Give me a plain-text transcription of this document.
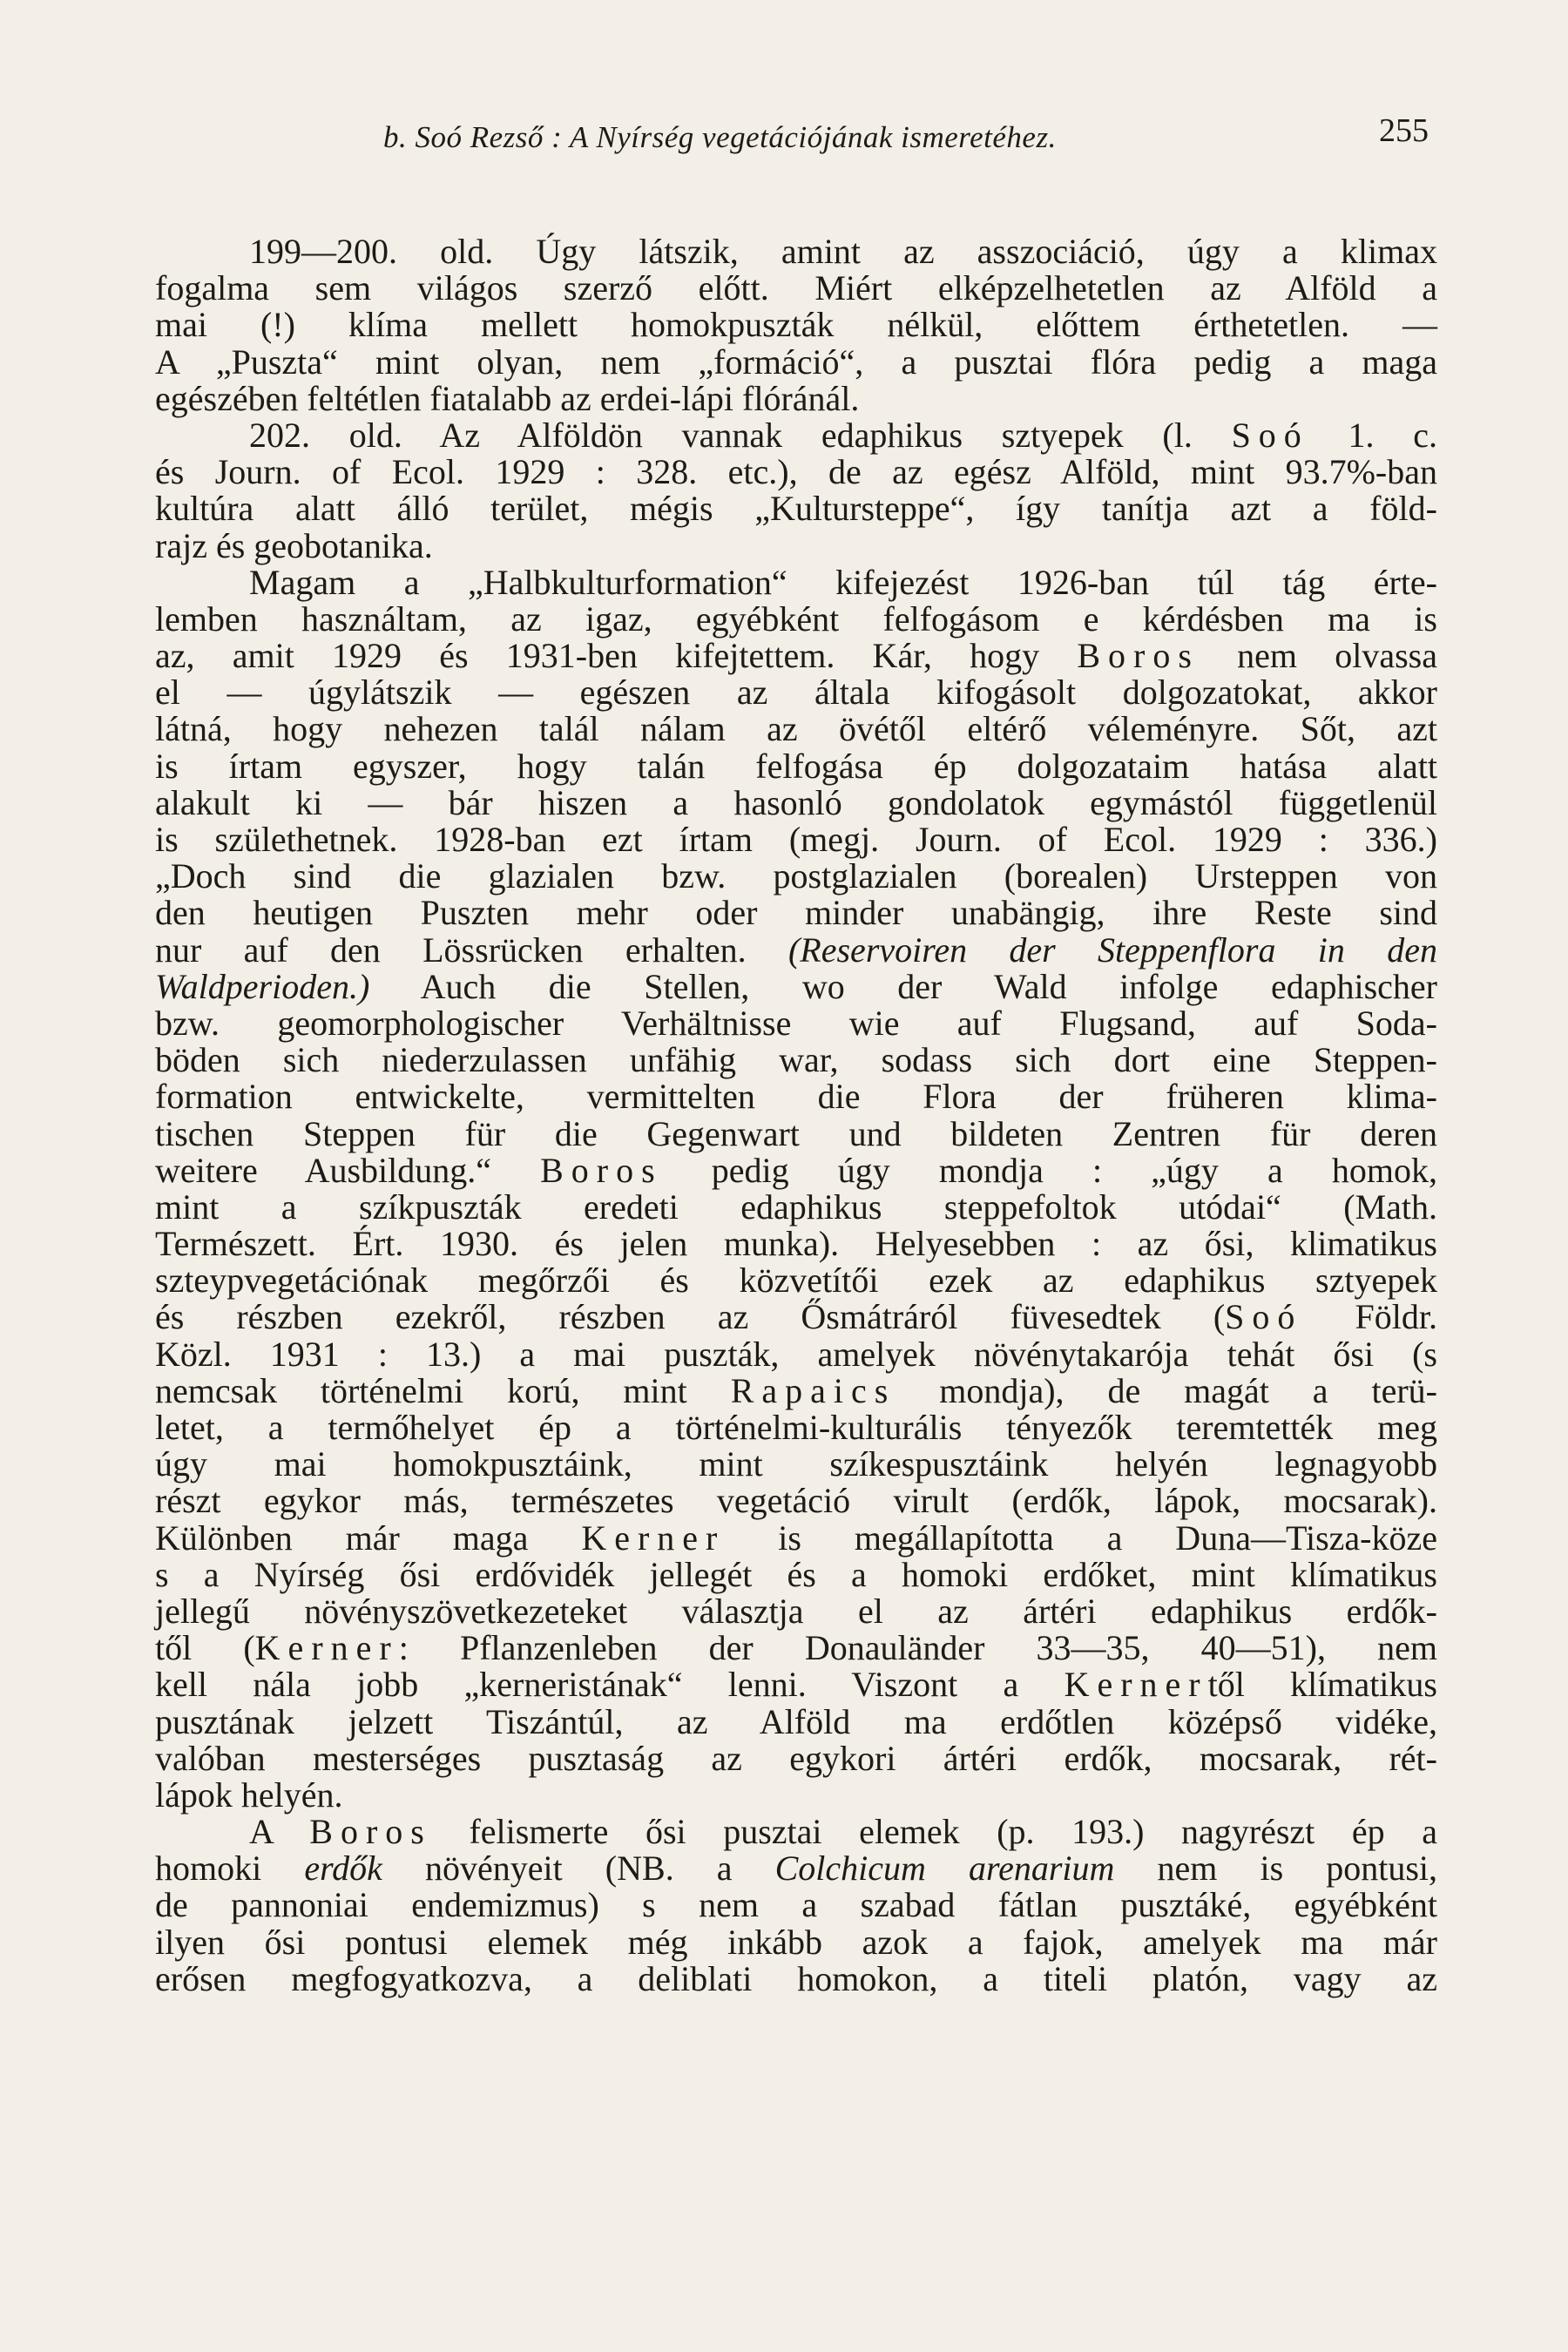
b. Soó Rezső : A Nyírség vegetációjának ismeretéhez.	255
199—200. old. Úgy látszik, amint az asszociáció, úgy a klimax
fogalma sem világos szerző előtt. Miért elképzelhetetlen az Alföld a
mai (!) klíma mellett homokpuszták nélkül, előttem érthetetlen. —
A „Puszta“ mint olyan, nem „formáció“, a pusztai flóra pedig a maga
egészében feltétlen fiatalabb az erdei-lápi flóránál.
202. old. Az Alföldön vannak edaphikus sztyepek (l. Soó 1. c.
és Journ. of Ecol. 1929 : 328. etc.), de az egész Alföld, mint 93.7%-ban
kultúra alatt álló terület, mégis „Kultursteppe“, így tanítja azt a föld-
rajz és geobotanika.
Magam a „Halbkulturformation“ kifejezést 1926-ban túl tág érte-
lemben használtam, az igaz, egyébként felfogásom e kérdésben ma is
az, amit 1929 és 1931-ben kifejtettem. Kár, hogy Boros nem olvassa
el — úgylátszik — egészen az általa kifogásolt dolgozatokat, akkor
látná, hogy nehezen talál nálam az övétől eltérő véleményre. Sőt, azt
is írtam egyszer, hogy talán felfogása ép dolgozataim hatása alatt
alakult ki — bár hiszen a hasonló gondolatok egymástól függetlenül
is születhetnek. 1928-ban ezt írtam (megj. Journ. of Ecol. 1929 : 336.)
„Doch sind die glazialen bzw. postglazialen (borealen) Ursteppen von
den heutigen Puszten mehr oder minder unabängig, ihre Reste sind
nur auf den Lössrücken erhalten. (Reservoiren der Steppenflora in den
Waldperioden.) Auch die Stellen, wo der Wald infolge edaphischer
bzw. geomorphologischer Verhältnisse wie auf Flugsand, auf Soda-
böden sich niederzulassen unfähig war, sodass sich dort eine Steppen-
formation entwickelte, vermittelten die Flora der früheren klima-
tischen Steppen für die Gegenwart und bildeten Zentren für deren
weitere Ausbildung.“ Boros pedig úgy mondja : „úgy a homok,
mint a szíkpuszták eredeti edaphikus steppefoltok utódai“ (Math.
Természett. Ért. 1930. és jelen munka). Helyesebben : az ősi, klimatikus
szteypvegetációnak megőrzői és közvetítői ezek az edaphikus sztyepek
és részben ezekről, részben az Ősmátráról füvesedtek (Soó Földr.
Közl. 1931 : 13.) a mai puszták, amelyek növénytakarója tehát ősi (s
nemcsak történelmi korú, mint Rapaics mondja), de magát a terü-
letet, a termőhelyet ép a történelmi-kulturális tényezők teremtették meg
úgy mai homokpusztáink, mint szíkespusztáink helyén legnagyobb
részt egykor más, természetes vegetáció virult (erdők, lápok, mocsarak).
Különben már maga Kerner is megállapította a Duna—Tisza-köze
s a Nyírség ősi erdővidék jellegét és a homoki erdőket, mint klímatikus
jellegű növényszövetkezeteket választja el az ártéri edaphikus erdők-
től (Kerner: Pflanzenleben der Donauländer 33—35, 40—51), nem
kell nála jobb „kerneristának“ lenni. Viszont a Kernertől klímatikus
pusztának jelzett Tiszántúl, az Alföld ma erdőtlen középső vidéke,
valóban mesterséges pusztaság az egykori ártéri erdők, mocsarak, rét-
lápok helyén.
A Boros felismerte ősi pusztai elemek (p. 193.) nagyrészt ép a
homoki erdők növényeit (NB. a Colchicum arenarium nem is pontusi,
de pannoniai endemizmus) s nem a szabad fátlan pusztáké, egyébként
ilyen ősi pontusi elemek még inkább azok a fajok, amelyek ma már
erősen megfogyatkozva, a deliblati homokon, a titeli platón, vagy az
